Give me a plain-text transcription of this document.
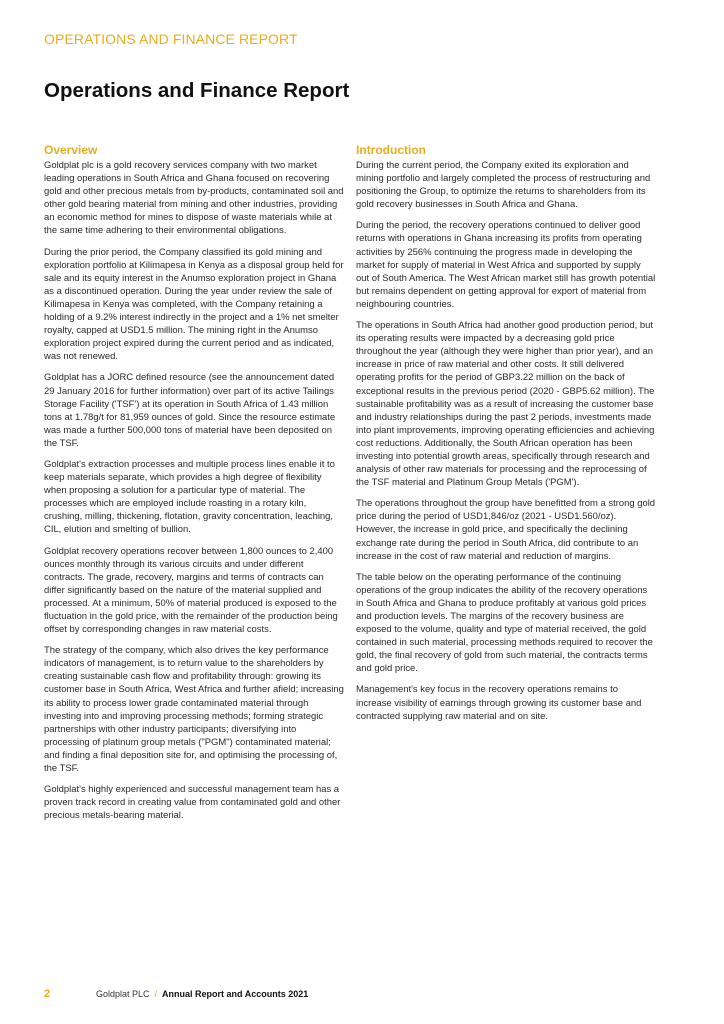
OPERATIONS AND FINANCE REPORT
Operations and Finance Report
Overview

Goldplat plc is a gold recovery services company with two market leading operations in South Africa and Ghana focused on recovering gold and other precious metals from by-products, contaminated soil and other gold bearing material from mining and other industries, providing an economic method for mines to dispose of waste materials while at the same time adhering to their environmental obligations.

During the prior period, the Company classified its gold mining and exploration portfolio at Kilimapesa in Kenya as a disposal group held for sale and its equity interest in the Anumso exploration project in Ghana as a discontinued operation. During the year under review the sale of Kilimapesa in Kenya was completed, with the Company retaining a holding of a 9.2% interest indirectly in the project and a 1% net smelter royalty, capped at USD1.5 million. The mining right in the Anumso exploration project expired during the current period and as indicated, was not renewed.

Goldplat has a JORC defined resource (see the announcement dated 29 January 2016 for further information) over part of its active Tailings Storage Facility ('TSF') at its operation in South Africa of 1.43 million tons at 1.78g/t for 81,959 ounces of gold. Since the resource estimate was made a further 500,000 tons of material have been deposited on the TSF.

Goldplat's extraction processes and multiple process lines enable it to keep materials separate, which provides a high degree of flexibility when proposing a solution for a particular type of material. The processes which are employed include roasting in a rotary kiln, crushing, milling, thickening, flotation, gravity concentration, leaching, CIL, elution and smelting of bullion.

Goldplat recovery operations recover between 1,800 ounces to 2,400 ounces monthly through its various circuits and under different contracts. The grade, recovery, margins and terms of contracts can differ significantly based on the nature of the material supplied and processed. At a minimum, 50% of material produced is exposed to the fluctuation in the gold price, with the remainder of the production being offset by corresponding changes in raw material costs.

The strategy of the company, which also drives the key performance indicators of management, is to return value to the shareholders by creating sustainable cash flow and profitability through: growing its customer base in South Africa, West Africa and further afield; increasing its ability to process lower grade contaminated material through investing into and improving processing methods; forming strategic partnerships with other industry participants; diversifying into processing of platinum group metals ("PGM") contaminated material; and finding a final deposition site for, and optimising the processing of, the TSF.

Goldplat's highly experienced and successful management team has a proven track record in creating value from contaminated gold and other precious metals-bearing material.

Introduction

During the current period, the Company exited its exploration and mining portfolio and largely completed the process of restructuring and positioning the Group, to optimize the returns to shareholders from its gold recovery businesses in South Africa and Ghana.

During the period, the recovery operations continued to deliver good returns with operations in Ghana increasing its profits from operating activities by 256% continuing the progress made in developing the market for supply of material in West Africa and supported by supply out of South America. The West African market still has growth potential but remains dependent on getting approval for export of material from neighbouring countries.

The operations in South Africa had another good production period, but its operating results were impacted by a decreasing gold price throughout the year (although they were higher than prior year), and an increase in price of raw material and other costs. It still delivered operating profits for the period of GBP3.22 million on the back of exceptional results in the previous period (2020 - GBP5.62 million). The sustainable profitability was as a result of increasing the customer base and industry relationships during the past 2 periods, investments made into plant improvements, improving operating efficiencies and achieving cost reductions. Additionally, the South African operation has been investing into potential growth areas, specifically through research and analysis of other raw materials for processing and the reprocessing of the TSF material and Platinum Group Metals ('PGM').

The operations throughout the group have benefitted from a strong gold price during the period of USD1,846/oz (2021 - USD1.560/oz). However, the increase in gold price, and specifically the declining exchange rate during the period in South Africa, did contribute to an increase in the cost of raw material and reduction of margins.

The table below on the operating performance of the continuing operations of the group indicates the ability of the recovery operations in South Africa and Ghana to produce profitably at various gold prices and production levels. The margins of the recovery business are exposed to the volume, quality and type of material received, the gold contained in such material, processing methods required to recover the gold, the final recovery of gold from such material, the contracts terms and gold price.

Management's key focus in the recovery operations remains to increase visibility of earnings through growing its customer base and contracted supplying raw material and on site.

2	Goldplat PLC / Annual Report and Accounts 2021
